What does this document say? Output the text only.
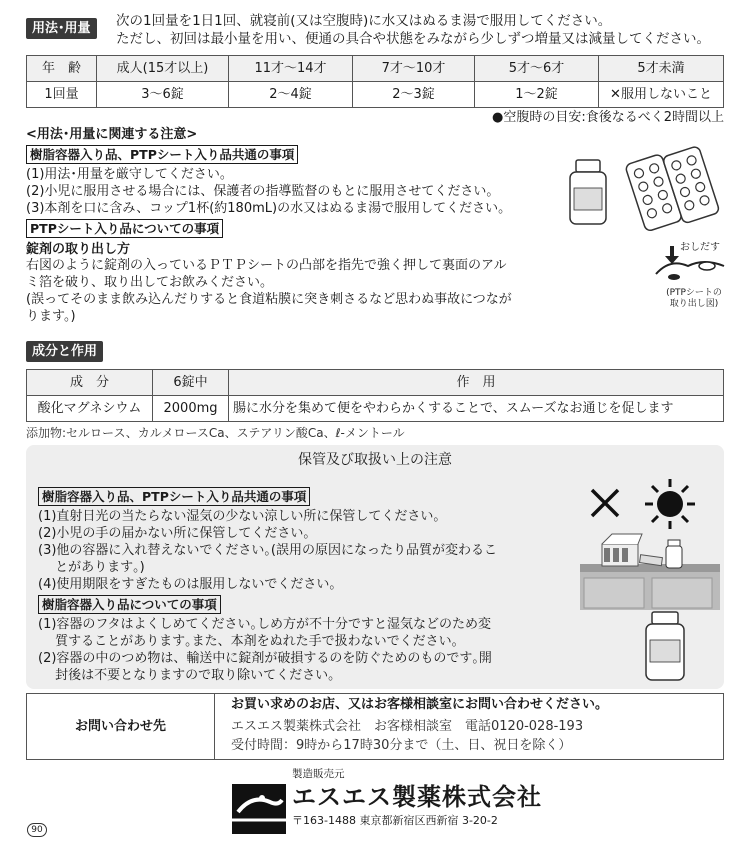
用法･用量	次の1回量を1日1回、就寝前(又は空腹時)に水又はぬるま湯で服用してください。
ただし、初回は最小量を用い、便通の具合や状態をみながら少しずつ増量又は減量してください。
年　齢	成人(15才以上)	11才～14才	7才～10才	5才～6才	5才未満
1回量	3～6錠	2～4錠	2～3錠	1～2錠	✕服用しないこと
●空腹時の目安:食後なるべく2時間以上
<用法･用量に関連する注意>
樹脂容器入り品、PTPシート入り品共通の事項
(1)用法･用量を厳守してください。
(2)小児に服用させる場合には、保護者の指導監督のもとに服用させてください。
(3)本剤を口に含み、コップ1杯(約180mL)の水又はぬるま湯で服用してください。
PTPシート入り品についての事項
錠剤の取り出し方
右図のように錠剤の入っているＰＴＰシートの凸部を指先で強く押して裏面のアル
ミ箔を破り、取り出してお飲みください。
(誤ってそのまま飲み込んだりすると食道粘膜に突き刺さるなど思わぬ事故につなが
ります。)
おしだす
(PTPシートの
取り出し図)
成分と作用
成　分	6錠中	作　用
酸化マグネシウム	2000mg	腸に水分を集めて便をやわらかくすることで、スムーズなお通じを促します
添加物:セルロース、カルメロースCa、ステアリン酸Ca、ℓ-メントール
保管及び取扱い上の注意
樹脂容器入り品、PTPシート入り品共通の事項
(1)直射日光の当たらない湿気の少ない涼しい所に保管してください。
(2)小児の手の届かない所に保管してください。
(3)他の容器に入れ替えないでください｡(誤用の原因になったり品質が変わるこ
　 とがあります｡)
(4)使用期限をすぎたものは服用しないでください。
樹脂容器入り品についての事項
(1)容器のフタはよくしめてください｡しめ方が不十分ですと湿気などのため変
　 質することがあります｡また、本剤をぬれた手で扱わないでください。
(2)容器の中のつめ物は、輸送中に錠剤が破損するのを防ぐためのものです｡開
　 封後は不要となりますので取り除いてください。
お問い合わせ先
お買い求めのお店、又はお客様相談室にお問い合わせください。
エスエス製薬株式会社　お客様相談室　電話0120-028-193
受付時間：9時から17時30分まで（土、日、祝日を除く）
製造販売元
エスエス製薬株式会社
〒163-1488 東京都新宿区西新宿 3-20-2
90
